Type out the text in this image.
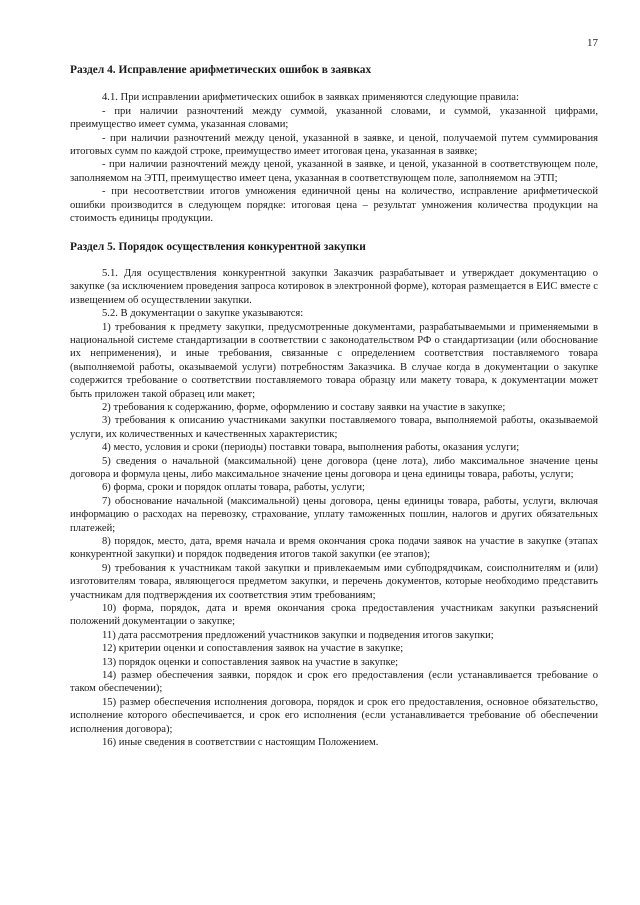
17
Раздел 4. Исправление арифметических ошибок в заявках

4.1. При исправлении арифметических ошибок в заявках применяются следующие правила:

- при наличии разночтений между суммой, указанной словами, и суммой, указанной цифрами, преимущество имеет сумма, указанная словами;

- при наличии разночтений между ценой, указанной в заявке, и ценой, получаемой путем суммирования итоговых сумм по каждой строке, преимущество имеет итоговая цена, указанная в заявке;

- при наличии разночтений между ценой, указанной в заявке, и ценой, указанной в соответствующем поле, заполняемом на ЭТП, преимущество имеет цена, указанная в соответствующем поле, заполняемом на ЭТП;

- при несоответствии итогов умножения единичной цены на количество, исправление арифметической ошибки производится в следующем порядке: итоговая цена – результат умножения количества продукции на стоимость единицы продукции.

Раздел 5. Порядок осуществления конкурентной закупки

5.1. Для осуществления конкурентной закупки Заказчик разрабатывает и утверждает документацию о закупке (за исключением проведения запроса котировок в электронной форме), которая размещается в ЕИС вместе с извещением об осуществлении закупки.

5.2. В документации о закупке указываются:

1) требования к предмету закупки, предусмотренные документами, разрабатываемыми и применяемыми в национальной системе стандартизации в соответствии с законодательством РФ о стандартизации (или обоснование их неприменения), и иные требования, связанные с определением соответствия поставляемого товара (выполняемой работы, оказываемой услуги) потребностям Заказчика. В случае когда в документации о закупке содержится требование о соответствии поставляемого товара образцу или макету товара, к документации может быть приложен такой образец или макет;

2) требования к содержанию, форме, оформлению и составу заявки на участие в закупке;

3) требования к описанию участниками закупки поставляемого товара, выполняемой работы, оказываемой услуги, их количественных и качественных характеристик;

4) место, условия и сроки (периоды) поставки товара, выполнения работы, оказания услуги;

5) сведения о начальной (максимальной) цене договора (цене лота), либо максимальное значение цены договора и формула цены, либо максимальное значение цены договора и цена единицы товара, работы, услуги;

6) форма, сроки и порядок оплаты товара, работы, услуги;

7) обоснование начальной (максимальной) цены договора, цены единицы товара, работы, услуги, включая информацию о расходах на перевозку, страхование, уплату таможенных пошлин, налогов и других обязательных платежей;

8) порядок, место, дата, время начала и время окончания срока подачи заявок на участие в закупке (этапах конкурентной закупки) и порядок подведения итогов такой закупки (ее этапов);

9) требования к участникам такой закупки и привлекаемым ими субподрядчикам, соисполнителям и (или) изготовителям товара, являющегося предметом закупки, и перечень документов, которые необходимо представить участникам для подтверждения их соответствия этим требованиям;

10) форма, порядок, дата и время окончания срока предоставления участникам закупки разъяснений положений документации о закупке;

11) дата рассмотрения предложений участников закупки и подведения итогов закупки;

12) критерии оценки и сопоставления заявок на участие в закупке;

13) порядок оценки и сопоставления заявок на участие в закупке;

14) размер обеспечения заявки, порядок и срок его предоставления (если устанавливается требование о таком обеспечении);

15) размер обеспечения исполнения договора, порядок и срок его предоставления, основное обязательство, исполнение которого обеспечивается, и срок его исполнения (если устанавливается требование об обеспечении исполнения договора);

16) иные сведения в соответствии с настоящим Положением.
